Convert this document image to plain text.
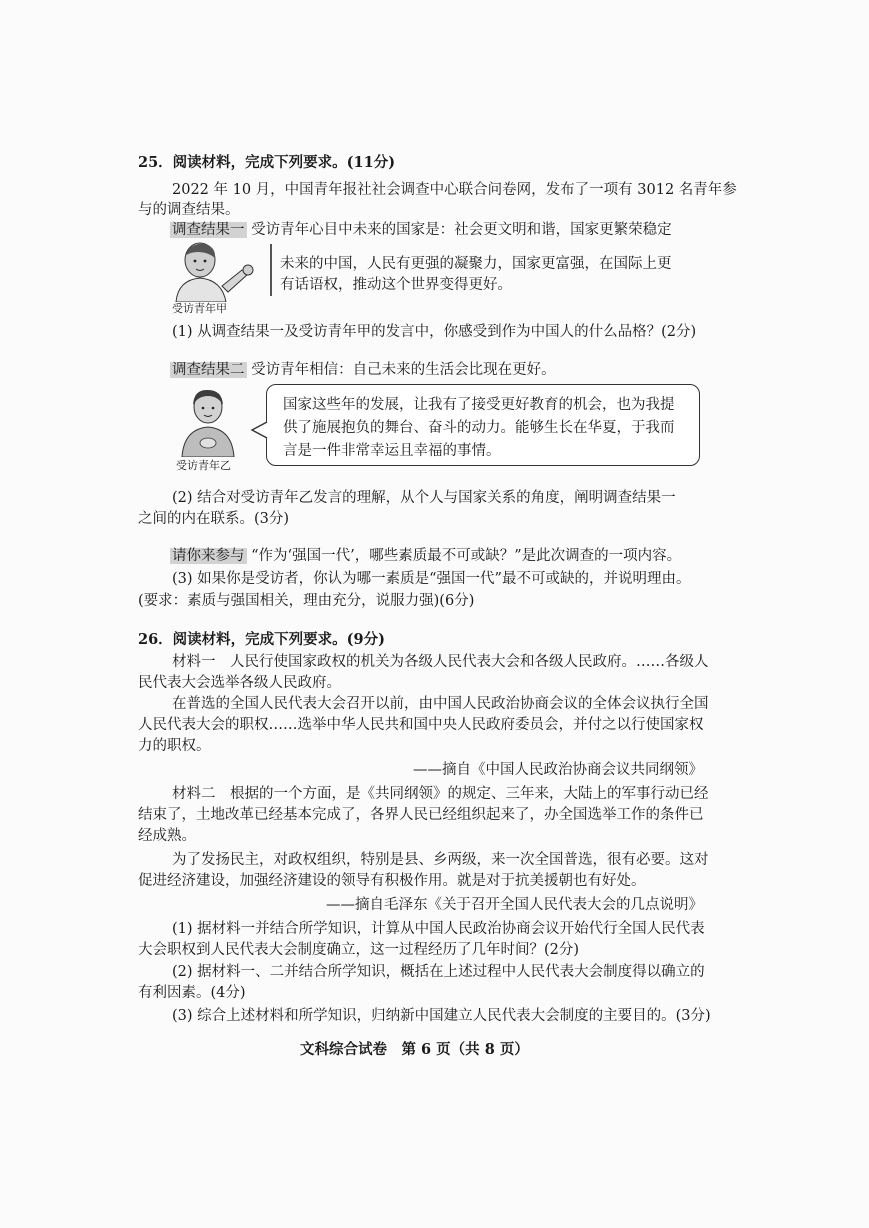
25．阅读材料，完成下列要求。(11分)
2022 年 10 月，中国青年报社社会调查中心联合问卷网，发布了一项有 3012 名青年参
与的调查结果。
调查结果一 受访青年心目中未来的国家是：社会更文明和谐，国家更繁荣稳定
受访青年甲
未来的中国，人民有更强的凝聚力，国家更富强，在国际上更
有话语权，推动这个世界变得更好。
(1) 从调查结果一及受访青年甲的发言中，你感受到作为中国人的什么品格？(2分)
调查结果二 受访青年相信：自己未来的生活会比现在更好。
受访青年乙
国家这些年的发展，让我有了接受更好教育的机会，也为我提
供了施展抱负的舞台、奋斗的动力。能够生长在华夏，于我而
言是一件非常幸运且幸福的事情。
(2) 结合对受访青年乙发言的理解，从个人与国家关系的角度，阐明调查结果一
之间的内在联系。(3分)
请你来参与 “作为‘强国一代’，哪些素质最不可或缺？”是此次调查的一项内容。
(3) 如果你是受访者，你认为哪一素质是“强国一代”最不可或缺的，并说明理由。
(要求：素质与强国相关，理由充分，说服力强)(6分)
26．阅读材料，完成下列要求。(9分)
材料一　人民行使国家政权的机关为各级人民代表大会和各级人民政府。……各级人
民代表大会选举各级人民政府。
在普选的全国人民代表大会召开以前，由中国人民政治协商会议的全体会议执行全国
人民代表大会的职权……选举中华人民共和国中央人民政府委员会，并付之以行使国家权
力的职权。
——摘自《中国人民政治协商会议共同纲领》
材料二　根据的一个方面，是《共同纲领》的规定、三年来，大陆上的军事行动已经
结束了，土地改革已经基本完成了，各界人民已经组织起来了，办全国选举工作的条件已
经成熟。
为了发扬民主，对政权组织，特别是县、乡两级，来一次全国普选，很有必要。这对
促进经济建设，加强经济建设的领导有积极作用。就是对于抗美援朝也有好处。
——摘自毛泽东《关于召开全国人民代表大会的几点说明》
(1) 据材料一并结合所学知识，计算从中国人民政治协商会议开始代行全国人民代表
大会职权到人民代表大会制度确立，这一过程经历了几年时间？(2分)
(2) 据材料一、二并结合所学知识，概括在上述过程中人民代表大会制度得以确立的
有利因素。(4分)
(3) 综合上述材料和所学知识，归纳新中国建立人民代表大会制度的主要目的。(3分)
文科综合试卷　第 6 页（共 8 页）
